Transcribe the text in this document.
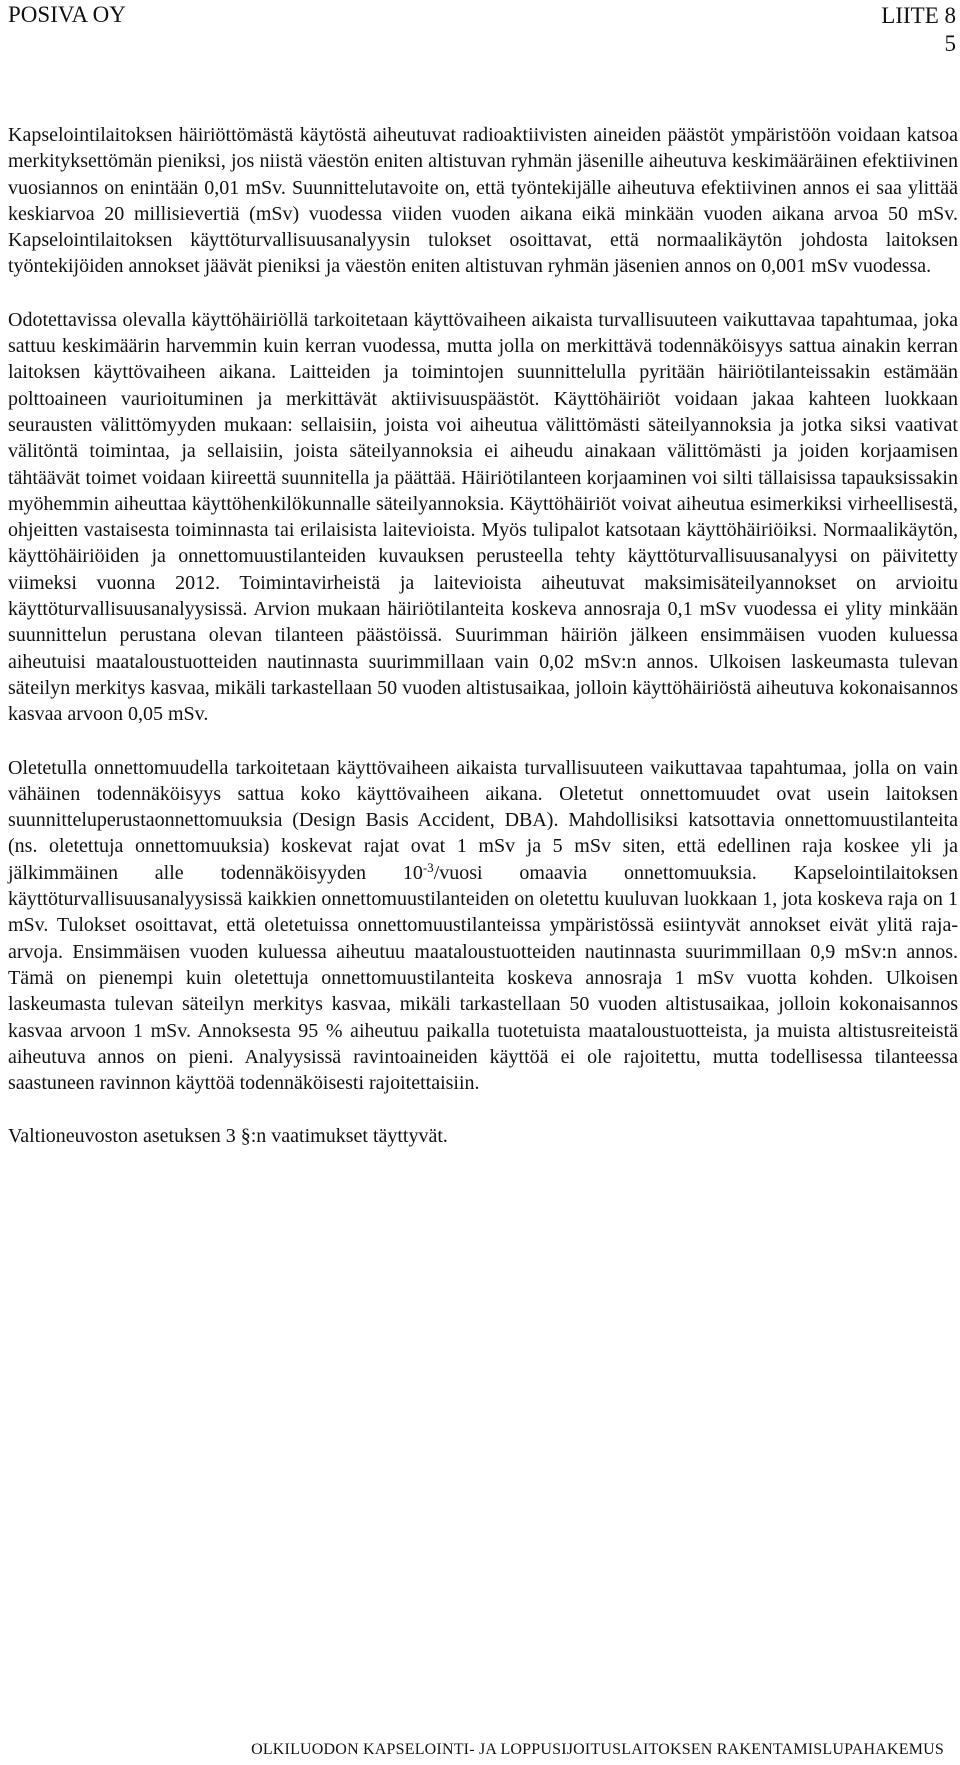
POSIVA OY	LIITE 8
5

Kapselointilaitoksen häiriöttömästä käytöstä aiheutuvat radioaktiivisten aineiden päästöt ympäristöön voidaan katsoa merkityksettömän pieniksi, jos niistä väestön eniten altistuvan ryhmän jäsenille aiheutuva keskimääräinen efektiivinen vuosiannos on enintään 0,01 mSv. Suunnittelutavoite on, että työntekijälle aiheutuva efektiivinen annos ei saa ylittää keskiarvoa 20 millisievertiä (mSv) vuodessa viiden vuoden aikana eikä minkään vuoden aikana arvoa 50 mSv. Kapselointilaitoksen käyttöturvallisuusanalyysin tulokset osoittavat, että normaalikäytön johdosta laitoksen työntekijöiden annokset jäävät pieniksi ja väestön eniten altistuvan ryhmän jäsenien annos on 0,001 mSv vuodessa.

Odotettavissa olevalla käyttöhäiriöllä tarkoitetaan käyttövaiheen aikaista turvallisuuteen vaikuttavaa tapahtumaa, joka sattuu keskimäärin harvemmin kuin kerran vuodessa, mutta jolla on merkittävä todennäköisyys sattua ainakin kerran laitoksen käyttövaiheen aikana. Laitteiden ja toimintojen suunnittelulla pyritään häiriötilanteissakin estämään polttoaineen vaurioituminen ja merkittävät aktiivisuuspäästöt. Käyttöhäiriöt voidaan jakaa kahteen luokkaan seurausten välittömyyden mukaan: sellaisiin, joista voi aiheutua välittömästi säteilyannoksia ja jotka siksi vaativat välitöntä toimintaa, ja sellaisiin, joista säteilyannoksia ei aiheudu ainakaan välittömästi ja joiden korjaamisen tähtäävät toimet voidaan kiireettä suunnitella ja päättää. Häiriötilanteen korjaaminen voi silti tällaisissa tapauksissakin myöhemmin aiheuttaa käyttöhenkilökunnalle säteilyannoksia. Käyttöhäiriöt voivat aiheutua esimerkiksi virheellisestä, ohjeitten vastaisesta toiminnasta tai erilaisista laitevioista. Myös tulipalot katsotaan käyttöhäiriöiksi. Normaalikäytön, käyttöhäiriöiden ja onnettomuustilanteiden kuvauksen perusteella tehty käyttöturvallisuusanalyysi on päivitetty viimeksi vuonna 2012. Toimintavirheistä ja laitevioista aiheutuvat maksimisäteilyannokset on arvioitu käyttöturvallisuusanalyysissä. Arvion mukaan häiriötilanteita koskeva annosraja 0,1 mSv vuodessa ei ylity minkään suunnittelun perustana olevan tilanteen päästöissä. Suurimman häiriön jälkeen ensimmäisen vuoden kuluessa aiheutuisi maataloustuotteiden nautinnasta suurimmillaan vain 0,02 mSv:n annos. Ulkoisen laskeumasta tulevan säteilyn merkitys kasvaa, mikäli tarkastellaan 50 vuoden altistusaikaa, jolloin käyttöhäiriöstä aiheutuva kokonaisannos kasvaa arvoon 0,05 mSv.

Oletetulla onnettomuudella tarkoitetaan käyttövaiheen aikaista turvallisuuteen vaikuttavaa tapahtumaa, jolla on vain vähäinen todennäköisyys sattua koko käyttövaiheen aikana. Oletetut onnettomuudet ovat usein laitoksen suunnitteluperustaonnettomuuksia (Design Basis Accident, DBA). Mahdollisiksi katsottavia onnettomuustilanteita (ns. oletettuja onnettomuuksia) koskevat rajat ovat 1 mSv ja 5 mSv siten, että edellinen raja koskee yli ja jälkimmäinen alle todennäköisyyden $10^{-3}$/vuosi omaavia onnettomuuksia. Kapselointilaitoksen käyttöturvallisuusanalyysissä kaikkien onnettomuustilanteiden on oletettu kuuluvan luokkaan 1, jota koskeva raja on 1 mSv. Tulokset osoittavat, että oletetuissa onnettomuustilanteissa ympäristössä esiintyvät annokset eivät ylitä raja-arvoja. Ensimmäisen vuoden kuluessa aiheutuu maataloustuotteiden nautinnasta suurimmillaan 0,9 mSv:n annos. Tämä on pienempi kuin oletettuja onnettomuustilanteita koskeva annosraja 1 mSv vuotta kohden. Ulkoisen laskeumasta tulevan säteilyn merkitys kasvaa, mikäli tarkastellaan 50 vuoden altistusaikaa, jolloin kokonaisannos kasvaa arvoon 1 mSv. Annoksesta 95 % aiheutuu paikalla tuotetuista maataloustuotteista, ja muista altistusreiteistä aiheutuva annos on pieni. Analyysissä ravintoaineiden käyttöä ei ole rajoitettu, mutta todellisessa tilanteessa saastuneen ravinnon käyttöä todennäköisesti rajoitettaisiin.

Valtioneuvoston asetuksen 3 §:n vaatimukset täyttyvät.

OLKILUODON KAPSELOINTI- JA LOPPUSIJOITUSLAITOKSEN RAKENTAMISLUPAHAKEMUS
